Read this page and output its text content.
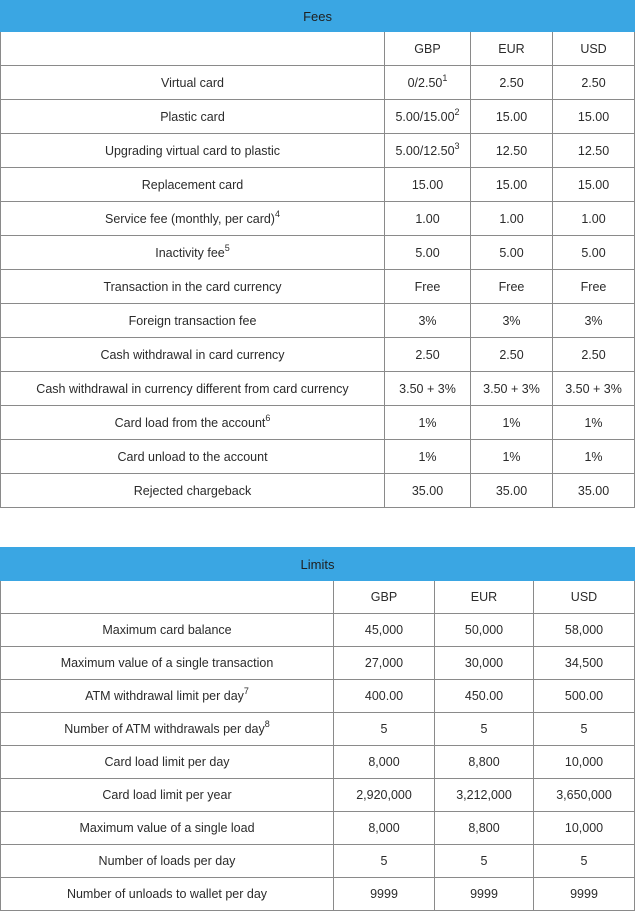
Fees			
	GBP	EUR	USD
Virtual card	0/2.50$^1$	2.50	2.50
Plastic card	5.00/15.00$^2$	15.00	15.00
Upgrading virtual card to plastic	5.00/12.50$^3$	12.50	12.50
Replacement card	15.00	15.00	15.00
Service fee (monthly, per card)$^4$	1.00	1.00	1.00
Inactivity fee$^5$	5.00	5.00	5.00
Transaction in the card currency	Free	Free	Free
Foreign transaction fee	3%	3%	3%
Cash withdrawal in card currency	2.50	2.50	2.50
Cash withdrawal in currency different from card currency	3.50 + 3%	3.50 + 3%	3.50 + 3%
Card load from the account$^6$	1%	1%	1%
Card unload to the account	1%	1%	1%
Rejected chargeback	35.00	35.00	35.00
Limits			
	GBP	EUR	USD
Maximum card balance	45,000	50,000	58,000
Maximum value of a single transaction	27,000	30,000	34,500
ATM withdrawal limit per day$^7$	400.00	450.00	500.00
Number of ATM withdrawals per day$^8$	5	5	5
Card load limit per day	8,000	8,800	10,000
Card load limit per year	2,920,000	3,212,000	3,650,000
Maximum value of a single load	8,000	8,800	10,000
Number of loads per day	5	5	5
Number of unloads to wallet per day	9999	9999	9999
